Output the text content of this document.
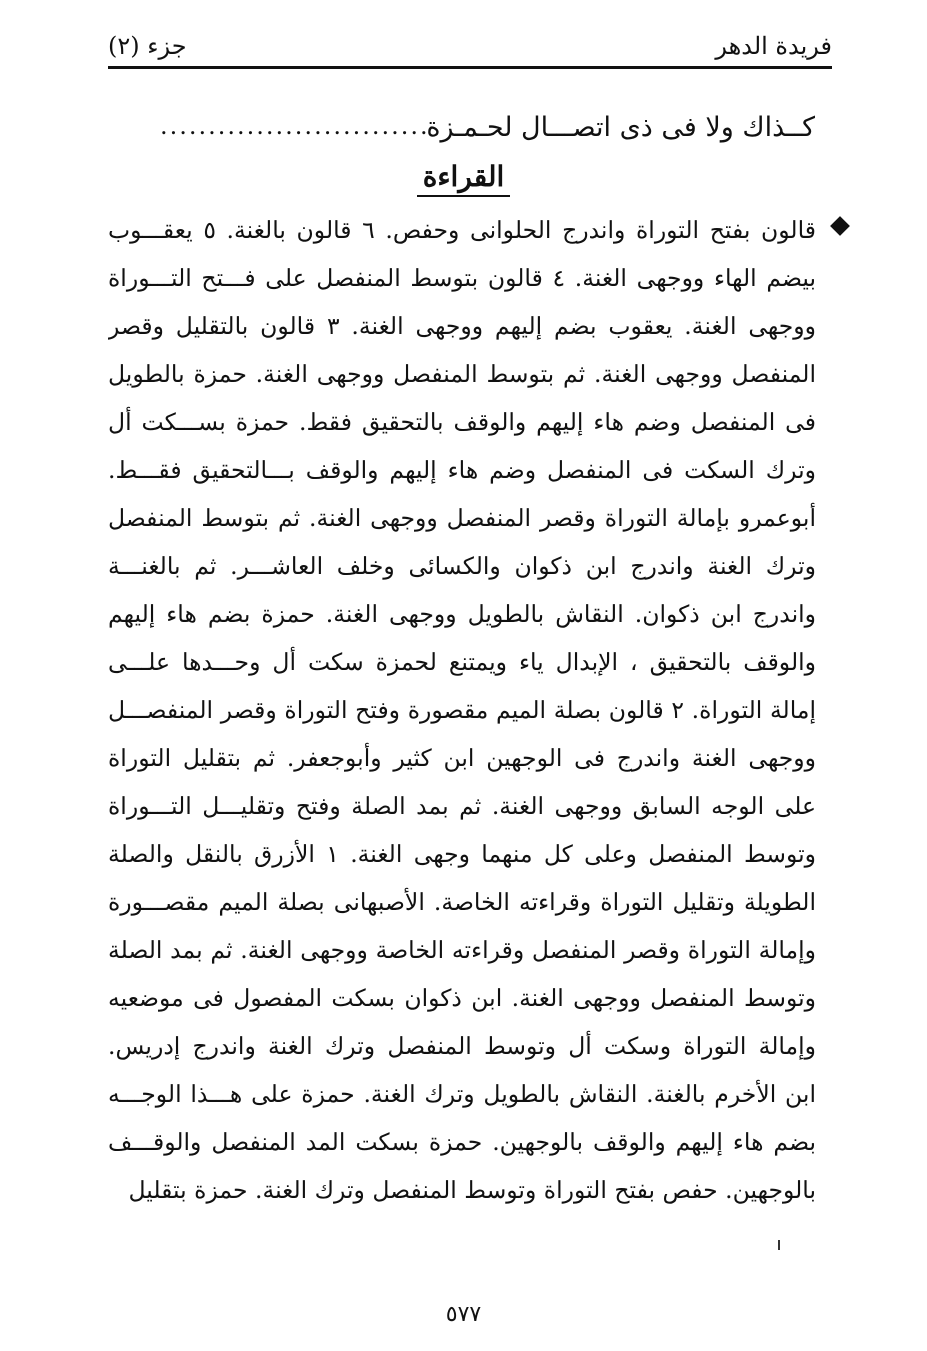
فريدة الدهر
جزء (٢)
كــذاك ولا فى ذى اتصـــال لحـمـزة
............................
القراءة
قالون بفتح التوراة واندرج الحلوانى وحفص. ٦ قالون بالغنة. ٥ يعقـــوب
بيضم الهاء ووجهى الغنة. ٤ قالون بتوسط المنفصل على فـــتح التـــوراة
ووجهى الغنة. يعقوب بضم إليهم ووجهى الغنة. ٣ قالون بالتقليل وقصر
المنفصل ووجهى الغنة. ثم بتوسط المنفصل ووجهى الغنة. حمزة بالطويل
فى المنفصل وضم هاء إليهم والوقف بالتحقيق فقط. حمزة بســـكت أل
وترك السكت فى المنفصل وضم هاء إليهم والوقف بـــالتحقيق فقـــط.
أبوعمرو بإمالة التوراة وقصر المنفصل ووجهى الغنة. ثم بتوسط المنفصل
وترك الغنة واندرج ابن ذكوان والكسائى وخلف العاشـــر. ثم بالغنـــة
واندرج ابن ذكوان. النقاش بالطويل ووجهى الغنة. حمزة بضم هاء إليهم
والوقف بالتحقيق ، الإبدال ياء ويمتنع لحمزة سكت أل وحـــدها علـــى
إمالة التوراة. ٢ قالون بصلة الميم مقصورة وفتح التوراة وقصر المنفصـــل
ووجهى الغنة واندرج فى الوجهين ابن كثير وأبوجعفر. ثم بتقليل التوراة
على الوجه السابق ووجهى الغنة. ثم بمد الصلة وفتح وتقليـــل التـــوراة
وتوسط المنفصل وعلى كل منهما وجهى الغنة. ١ الأزرق بالنقل والصلة
الطويلة وتقليل التوراة وقراءته الخاصة. الأصبهانى بصلة الميم مقصـــورة
وإمالة التوراة وقصر المنفصل وقراءته الخاصة ووجهى الغنة. ثم بمد الصلة
وتوسط المنفصل ووجهى الغنة. ابن ذكوان بسكت المفصول فى موضعيه
وإمالة التوراة وسكت أل وتوسط المنفصل وترك الغنة واندرج إدريس.
ابن الأخرم بالغنة. النقاش بالطويل وترك الغنة. حمزة على هـــذا الوجـــه
بضم هاء إليهم والوقف بالوجهين. حمزة بسكت المد المنفصل والوقـــف
بالوجهين. حفص بفتح التوراة وتوسط المنفصل وترك الغنة. حمزة بتقليل
٥٧٧
